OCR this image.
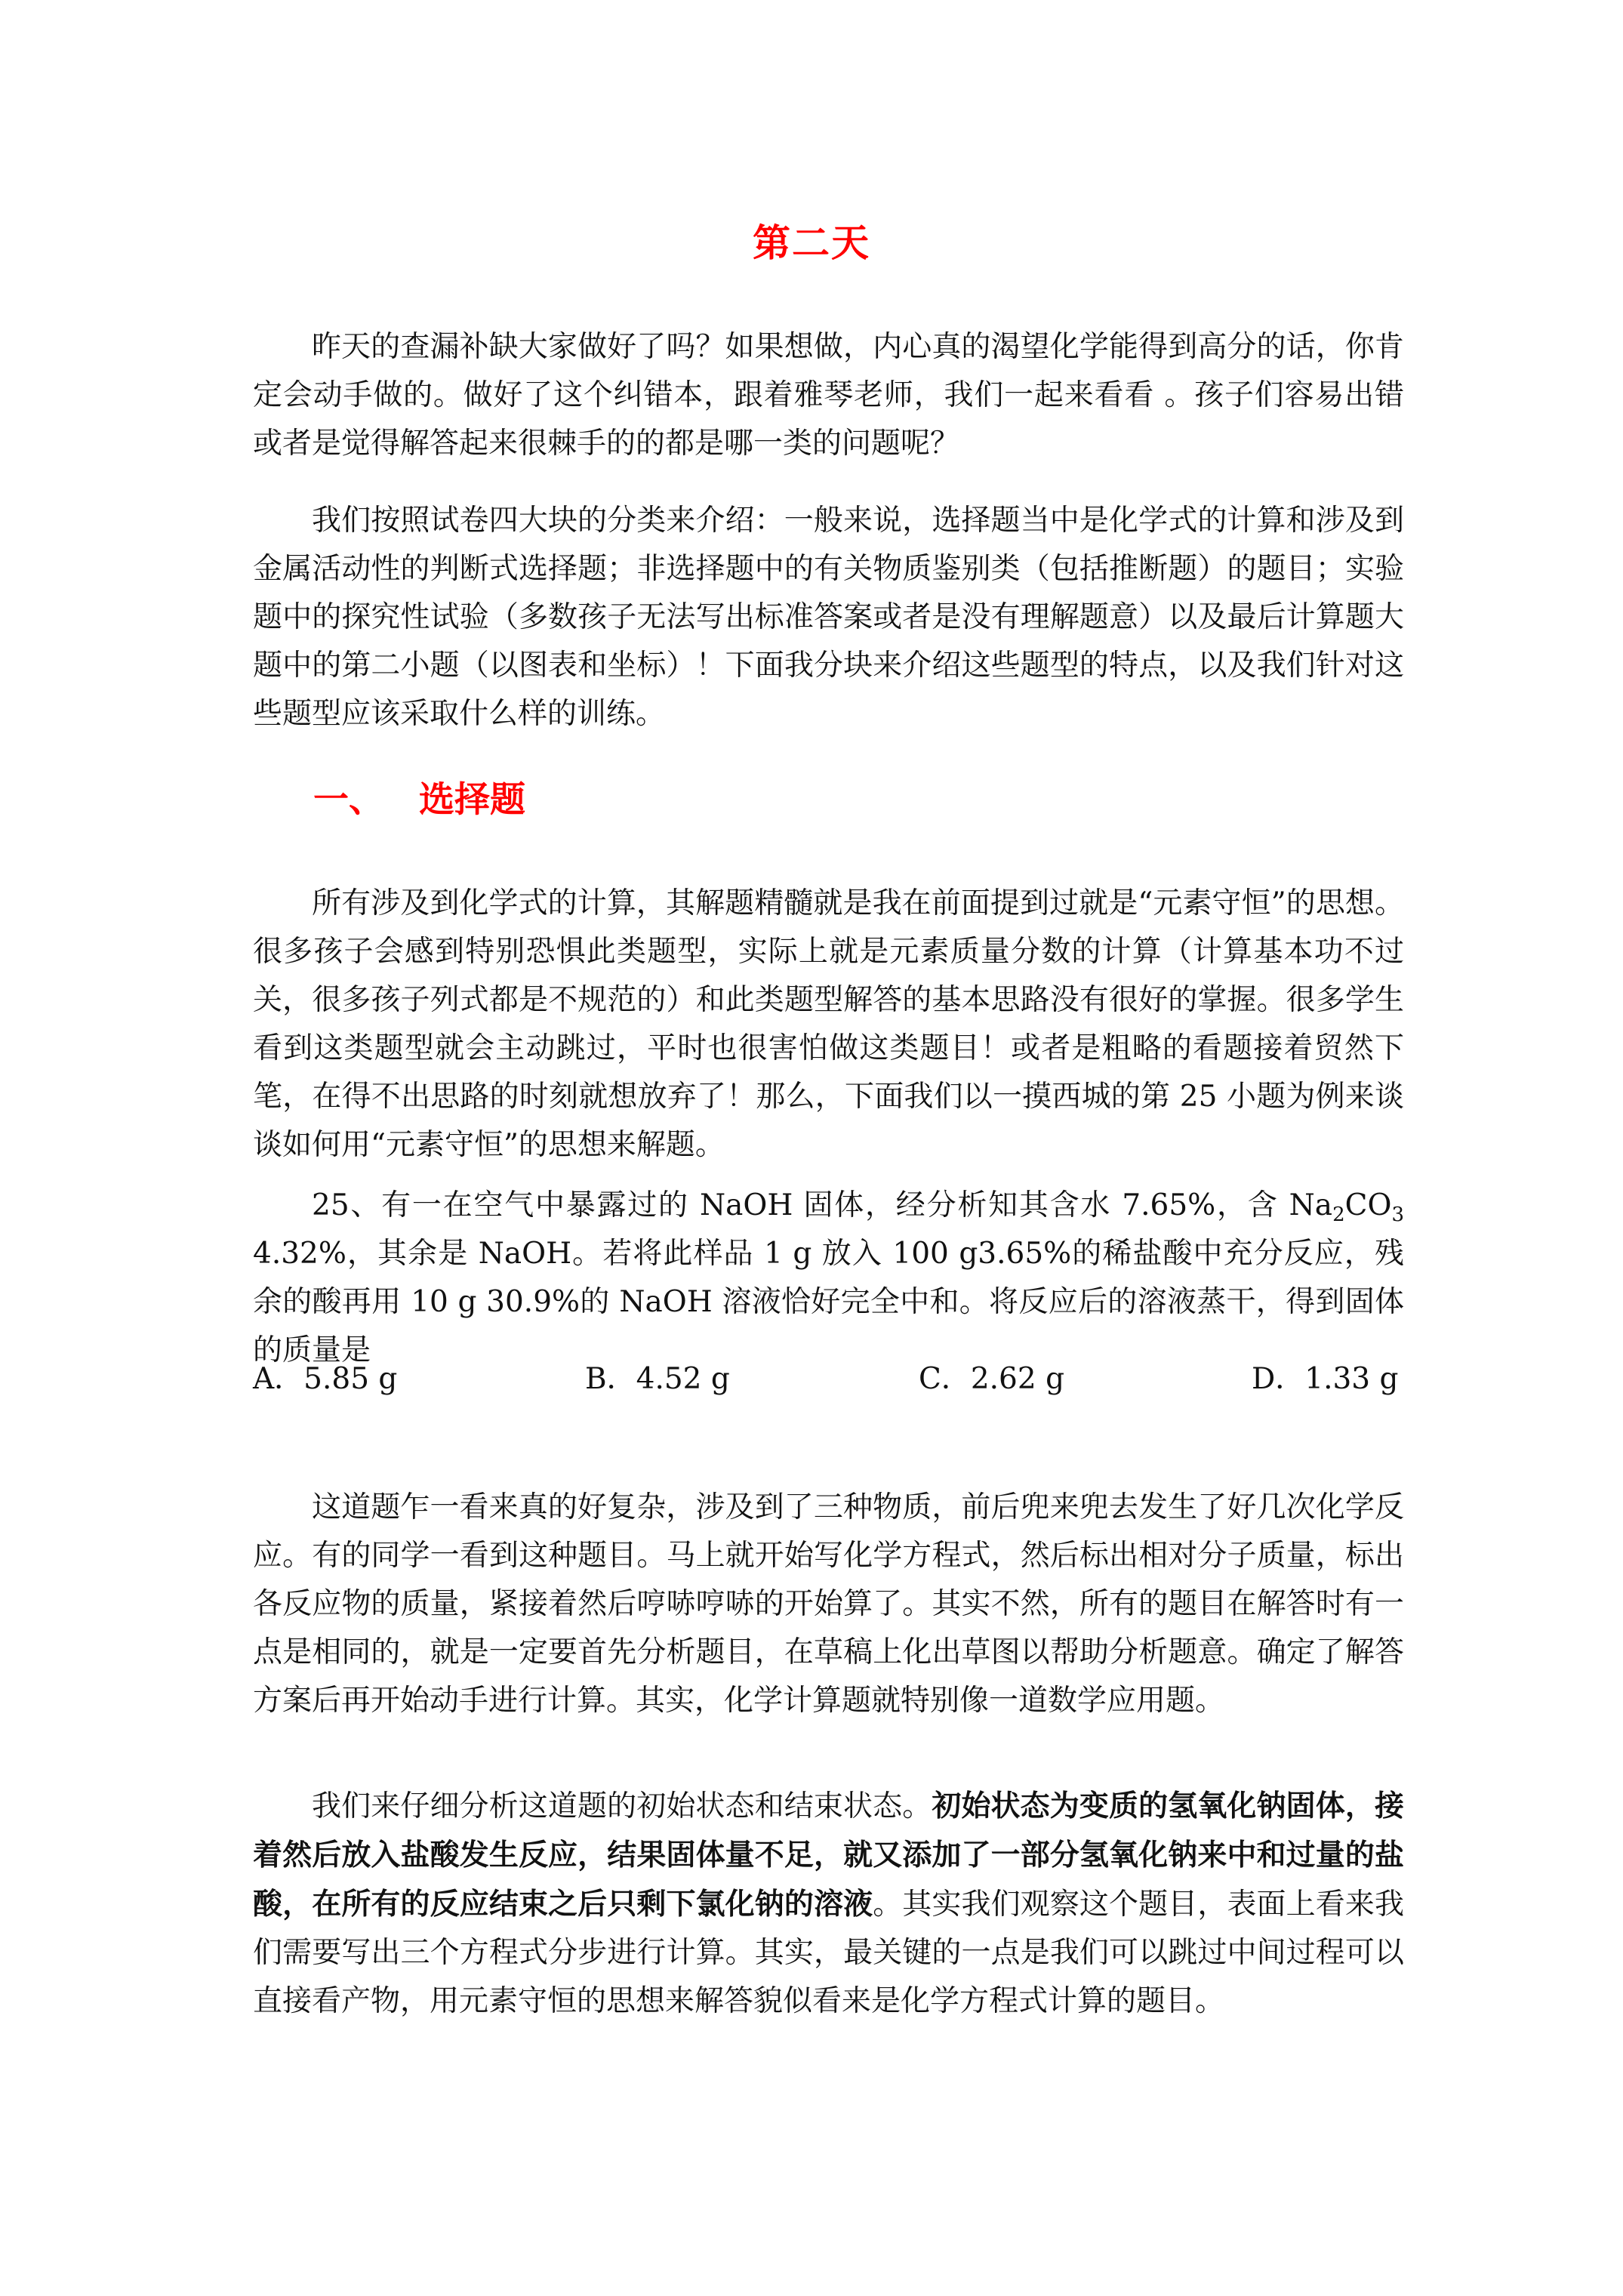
第二天

昨天的查漏补缺大家做好了吗？如果想做，内心真的渴望化学能得到高分的话，你肯定会动手做的。做好了这个纠错本，跟着雅琴老师，我们一起来看看 。孩子们容易出错或者是觉得解答起来很棘手的的都是哪一类的问题呢？

我们按照试卷四大块的分类来介绍：一般来说，选择题当中是化学式的计算和涉及到金属活动性的判断式选择题；非选择题中的有关物质鉴别类（包括推断题）的题目；实验题中的探究性试验（多数孩子无法写出标准答案或者是没有理解题意）以及最后计算题大题中的第二小题（以图表和坐标）！下面我分块来介绍这些题型的特点，以及我们针对这些题型应该采取什么样的训练。

一、 选择题

所有涉及到化学式的计算，其解题精髓就是我在前面提到过就是“元素守恒”的思想。很多孩子会感到特别恐惧此类题型，实际上就是元素质量分数的计算（计算基本功不过关，很多孩子列式都是不规范的）和此类题型解答的基本思路没有很好的掌握。很多学生看到这类题型就会主动跳过，平时也很害怕做这类题目！或者是粗略的看题接着贸然下笔，在得不出思路的时刻就想放弃了！那么，下面我们以一摸西城的第 25 小题为例来谈谈如何用“元素守恒”的思想来解题。

25、有一在空气中暴露过的 NaOH 固体，经分析知其含水 7.65%，含 $Na_2CO_3$ 4.32%，其余是 NaOH。若将此样品 1 g 放入 100 g3.65%的稀盐酸中充分反应，残余的酸再用 10 g 30.9%的 NaOH 溶液恰好完全中和。将反应后的溶液蒸干，得到固体的质量是

A．5.85 g	B．4.52 g	C．2.62 g	D．1.33 g

这道题乍一看来真的好复杂，涉及到了三种物质，前后兜来兜去发生了好几次化学反应。有的同学一看到这种题目。马上就开始写化学方程式，然后标出相对分子质量，标出各反应物的质量，紧接着然后哼哧哼哧的开始算了。其实不然，所有的题目在解答时有一点是相同的，就是一定要首先分析题目，在草稿上化出草图以帮助分析题意。确定了解答方案后再开始动手进行计算。其实，化学计算题就特别像一道数学应用题。

我们来仔细分析这道题的初始状态和结束状态。初始状态为变质的氢氧化钠固体，接着然后放入盐酸发生反应，结果固体量不足，就又添加了一部分氢氧化钠来中和过量的盐酸，在所有的反应结束之后只剩下氯化钠的溶液。其实我们观察这个题目，表面上看来我们需要写出三个方程式分步进行计算。其实，最关键的一点是我们可以跳过中间过程可以直接看产物，用元素守恒的思想来解答貌似看来是化学方程式计算的题目。
